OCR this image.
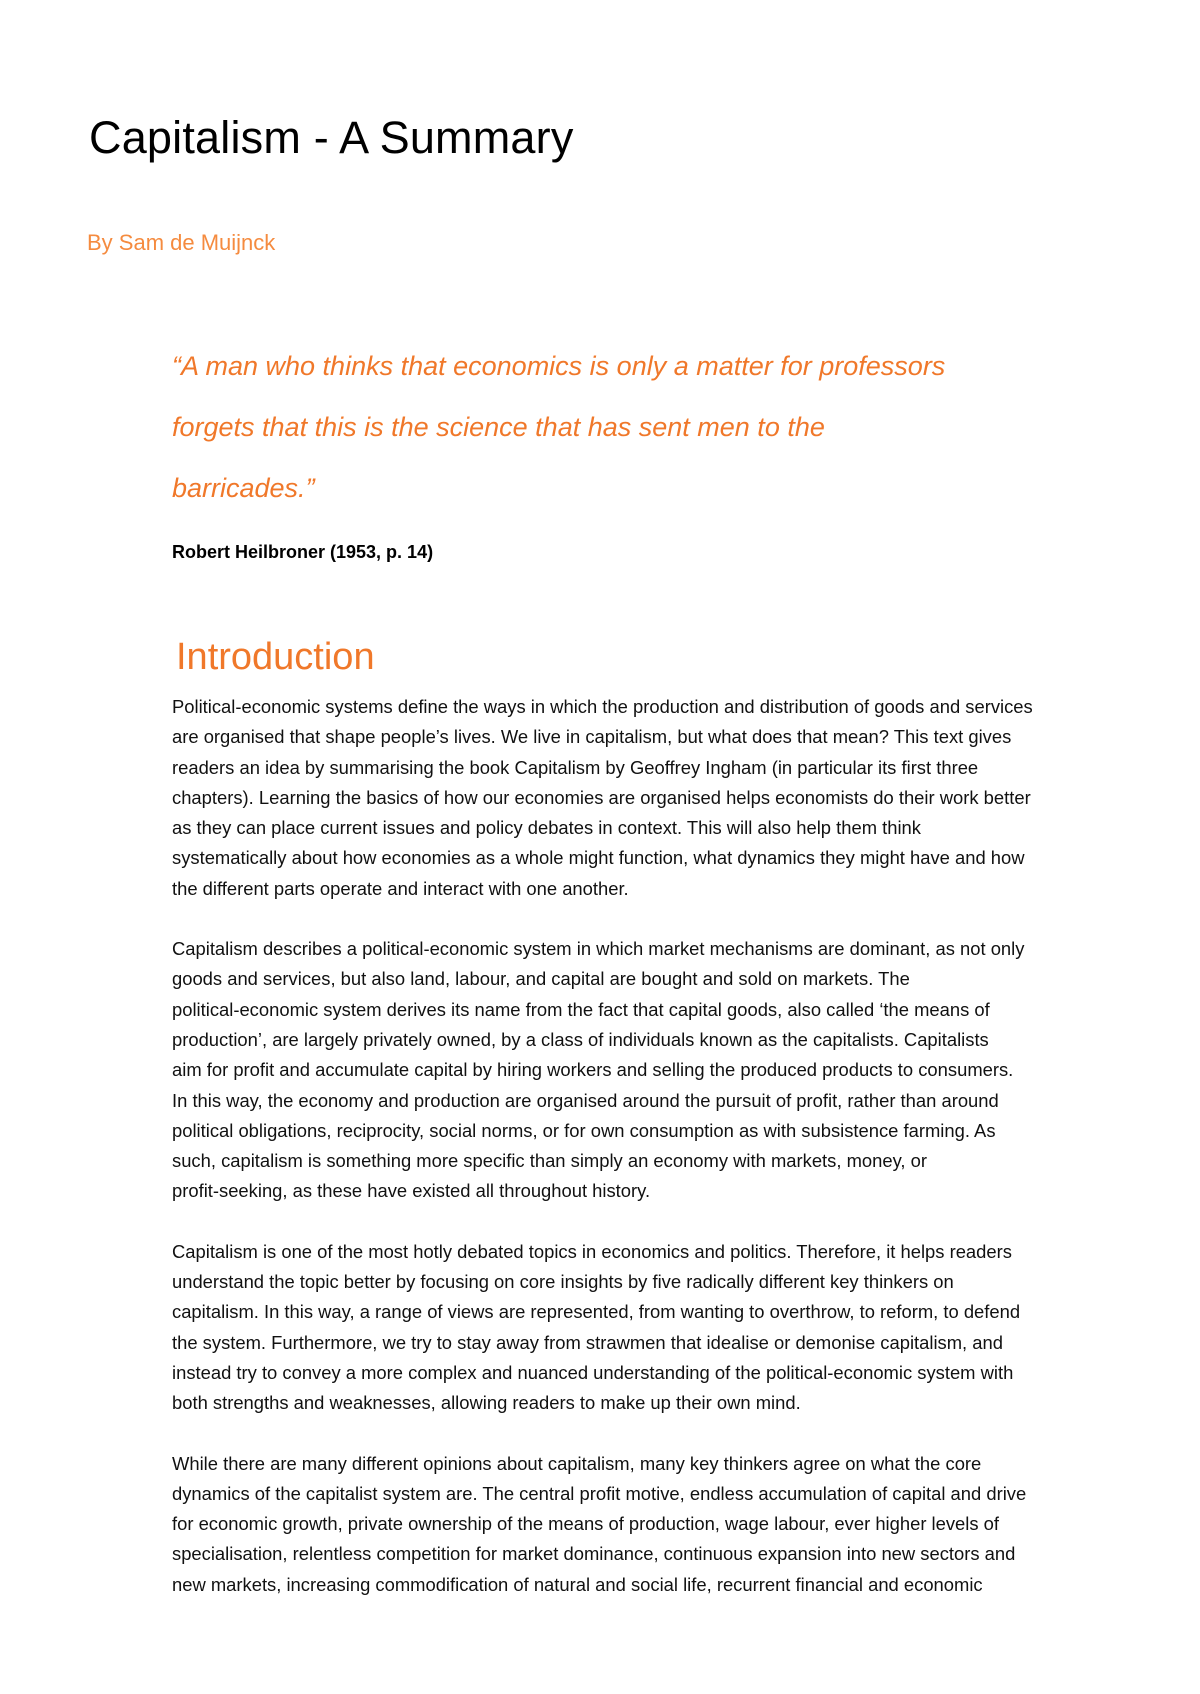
Capitalism - A Summary

By Sam de Muijnck

“A man who thinks that economics is only a matter for professors
forgets that this is the science that has sent men to the
barricades.”

Robert Heilbroner (1953, p. 14)

Introduction

Political-economic systems define the ways in which the production and distribution of goods and services
are organised that shape people’s lives. We live in capitalism, but what does that mean? This text gives
readers an idea by summarising the book Capitalism by Geoffrey Ingham (in particular its first three
chapters). Learning the basics of how our economies are organised helps economists do their work better
as they can place current issues and policy debates in context. This will also help them think
systematically about how economies as a whole might function, what dynamics they might have and how
the different parts operate and interact with one another.

Capitalism describes a political-economic system in which market mechanisms are dominant, as not only
goods and services, but also land, labour, and capital are bought and sold on markets. The
political-economic system derives its name from the fact that capital goods, also called ‘the means of
production’, are largely privately owned, by a class of individuals known as the capitalists. Capitalists
aim for profit and accumulate capital by hiring workers and selling the produced products to consumers.
In this way, the economy and production are organised around the pursuit of profit, rather than around
political obligations, reciprocity, social norms, or for own consumption as with subsistence farming. As
such, capitalism is something more specific than simply an economy with markets, money, or
profit-seeking, as these have existed all throughout history.

Capitalism is one of the most hotly debated topics in economics and politics. Therefore, it helps readers
understand the topic better by focusing on core insights by five radically different key thinkers on
capitalism. In this way, a range of views are represented, from wanting to overthrow, to reform, to defend
the system. Furthermore, we try to stay away from strawmen that idealise or demonise capitalism, and
instead try to convey a more complex and nuanced understanding of the political-economic system with
both strengths and weaknesses, allowing readers to make up their own mind.

While there are many different opinions about capitalism, many key thinkers agree on what the core
dynamics of the capitalist system are. The central profit motive, endless accumulation of capital and drive
for economic growth, private ownership of the means of production, wage labour, ever higher levels of
specialisation, relentless competition for market dominance, continuous expansion into new sectors and
new markets, increasing commodification of natural and social life, recurrent financial and economic
